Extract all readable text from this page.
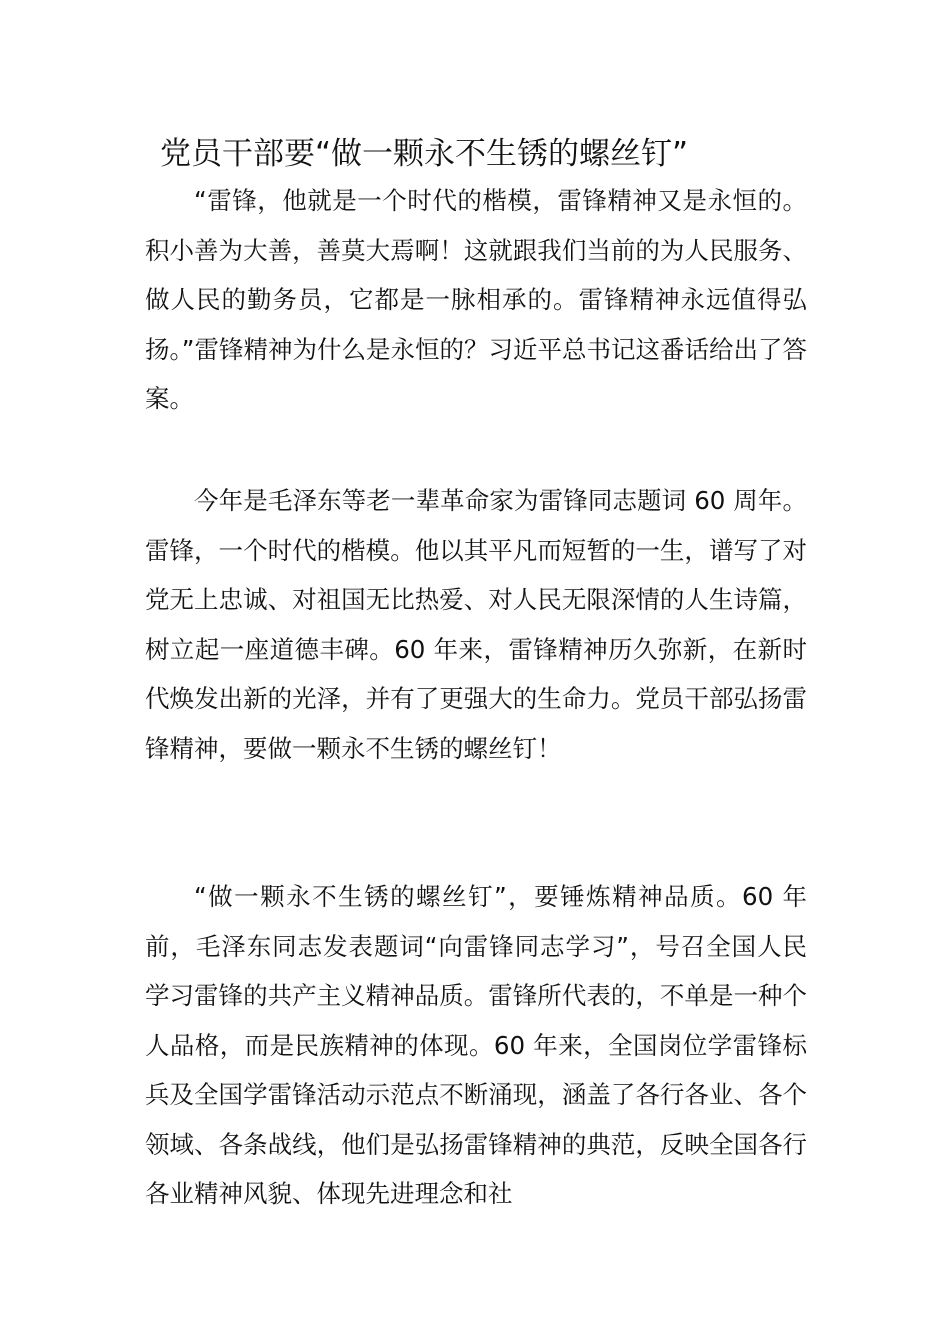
党员干部要“做一颗永不生锈的螺丝钉”

“雷锋，他就是一个时代的楷模，雷锋精神又是永恒的。积小善为大善，善莫大焉啊！这就跟我们当前的为人民服务、做人民的勤务员，它都是一脉相承的。雷锋精神永远值得弘扬。”雷锋精神为什么是永恒的？习近平总书记这番话给出了答案。

今年是毛泽东等老一辈革命家为雷锋同志题词 60 周年。雷锋，一个时代的楷模。他以其平凡而短暂的一生，谱写了对党无上忠诚、对祖国无比热爱、对人民无限深情的人生诗篇，树立起一座道德丰碑。60 年来，雷锋精神历久弥新，在新时代焕发出新的光泽，并有了更强大的生命力。党员干部弘扬雷锋精神，要做一颗永不生锈的螺丝钉！

“做一颗永不生锈的螺丝钉”，要锤炼精神品质。60 年前，毛泽东同志发表题词“向雷锋同志学习”，号召全国人民学习雷锋的共产主义精神品质。雷锋所代表的，不单是一种个人品格，而是民族精神的体现。60 年来，全国岗位学雷锋标兵及全国学雷锋活动示范点不断涌现，涵盖了各行各业、各个领域、各条战线，他们是弘扬雷锋精神的典范，反映全国各行各业精神风貌、体现先进理念和社
